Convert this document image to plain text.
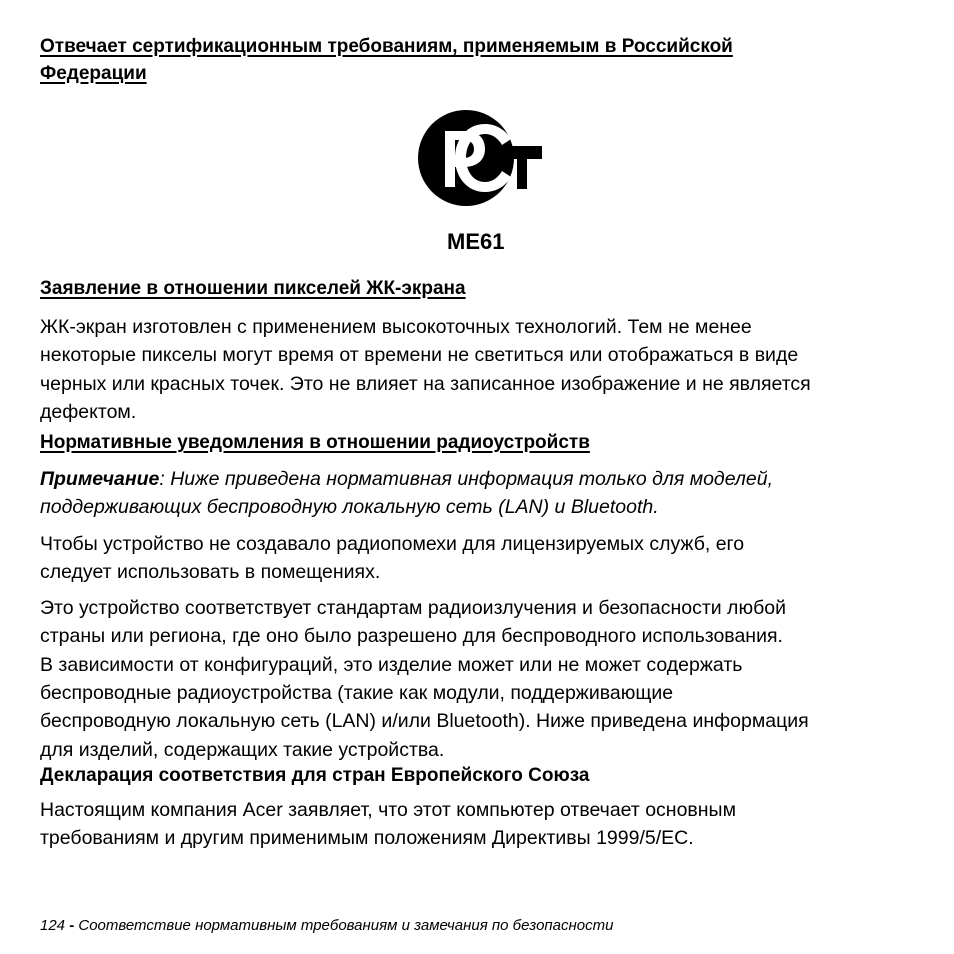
Отвечает сертификационным требованиям, применяемым в Российской
Федерации
Заявление в отношении пикселей ЖК-экрана

ЖК-экран изготовлен с применением высокоточных технологий. Тем не менее

некоторые пикселы могут время от времени не светиться или отображаться в виде

черных или красных точек. Это не влияет на записанное изображение и не является

дефектом.

Нормативные уведомления в отношении радиоустройств

Примечание: Ниже приведена нормативная информация только для моделей,

поддерживающих беспроводную локальную сеть (LAN) и Bluetooth.

Чтобы устройство не создавало радиопомехи для лицензируемых служб, его

следует использовать в помещениях.

Это устройство соответствует стандартам радиоизлучения и безопасности любой

страны или региона, где оно было разрешено для беспроводного использования.

В зависимости от конфигураций, это изделие может или не может содержать

беспроводные радиоустройства (такие как модули, поддерживающие

беспроводную локальную сеть (LAN) и/или Bluetooth). Ниже приведена информация

для изделий, содержащих такие устройства.

Декларация соответствия для стран Европейского Союза

Настоящим компания Acer заявляет, что этот компьютер отвечает основным

требованиям и другим применимым положениям Директивы 1999/5/EC.

ME61
124 - Соответствие нормативным требованиям и замечания по безопасности
